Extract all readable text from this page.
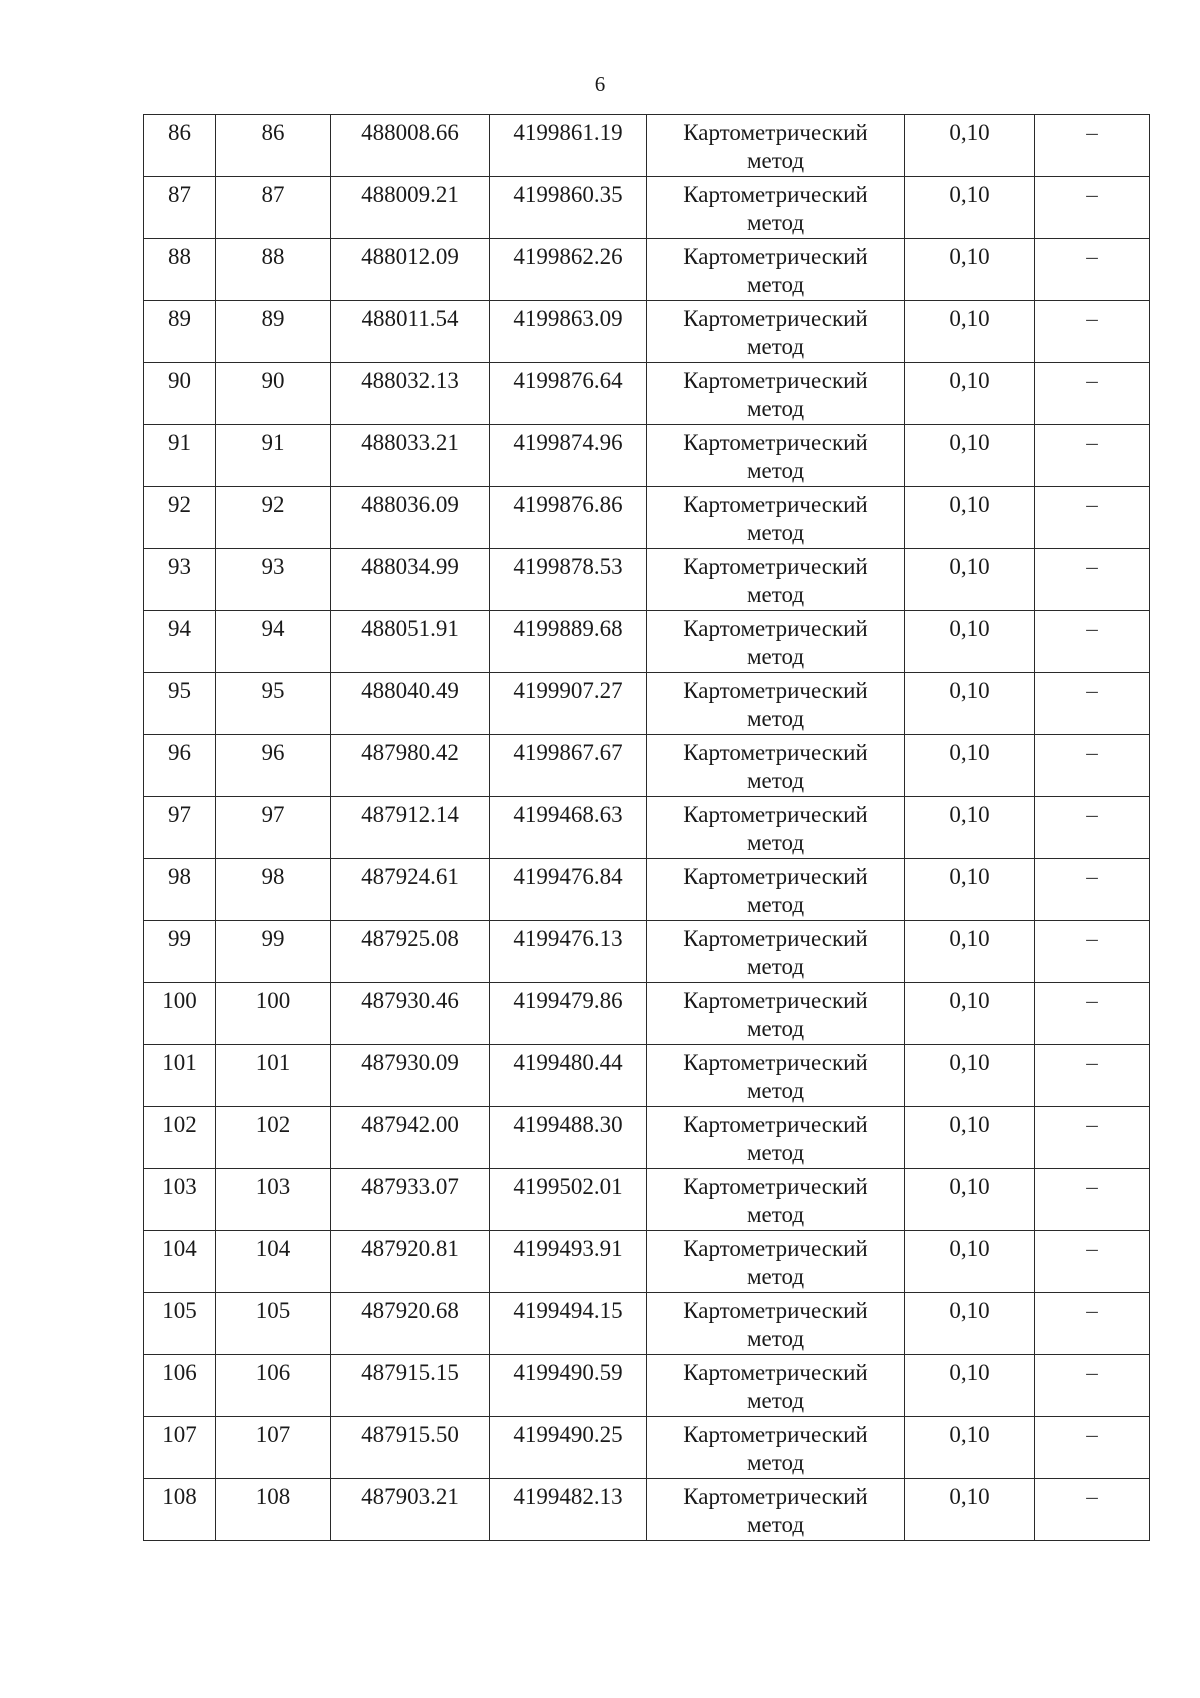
6
86	86	488008.66	4199861.19	Картометрический
метод	0,10	–
87	87	488009.21	4199860.35	Картометрический
метод	0,10	–
88	88	488012.09	4199862.26	Картометрический
метод	0,10	–
89	89	488011.54	4199863.09	Картометрический
метод	0,10	–
90	90	488032.13	4199876.64	Картометрический
метод	0,10	–
91	91	488033.21	4199874.96	Картометрический
метод	0,10	–
92	92	488036.09	4199876.86	Картометрический
метод	0,10	–
93	93	488034.99	4199878.53	Картометрический
метод	0,10	–
94	94	488051.91	4199889.68	Картометрический
метод	0,10	–
95	95	488040.49	4199907.27	Картометрический
метод	0,10	–
96	96	487980.42	4199867.67	Картометрический
метод	0,10	–
97	97	487912.14	4199468.63	Картометрический
метод	0,10	–
98	98	487924.61	4199476.84	Картометрический
метод	0,10	–
99	99	487925.08	4199476.13	Картометрический
метод	0,10	–
100	100	487930.46	4199479.86	Картометрический
метод	0,10	–
101	101	487930.09	4199480.44	Картометрический
метод	0,10	–
102	102	487942.00	4199488.30	Картометрический
метод	0,10	–
103	103	487933.07	4199502.01	Картометрический
метод	0,10	–
104	104	487920.81	4199493.91	Картометрический
метод	0,10	–
105	105	487920.68	4199494.15	Картометрический
метод	0,10	–
106	106	487915.15	4199490.59	Картометрический
метод	0,10	–
107	107	487915.50	4199490.25	Картометрический
метод	0,10	–
108	108	487903.21	4199482.13	Картометрический
метод	0,10	–
